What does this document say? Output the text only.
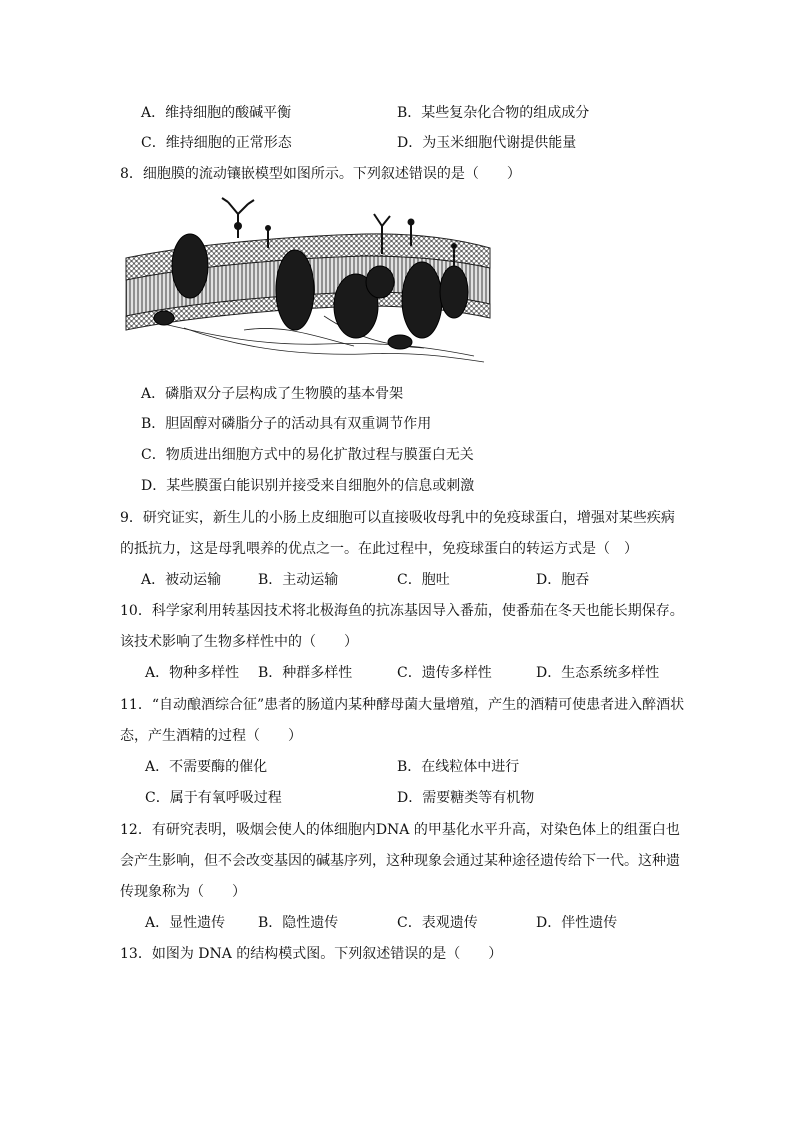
A．维持细胞的酸碱平衡	B．某些复杂化合物的组成成分
C．维持细胞的正常形态	D．为玉米细胞代谢提供能量
8．细胞膜的流动镶嵌模型如图所示。下列叙述错误的是（　　）
A．磷脂双分子层构成了生物膜的基本骨架
B．胆固醇对磷脂分子的活动具有双重调节作用
C．物质进出细胞方式中的易化扩散过程与膜蛋白无关
D．某些膜蛋白能识别并接受来自细胞外的信息或刺激
9．研究证实，新生儿的小肠上皮细胞可以直接吸收母乳中的免疫球蛋白，增强对某些疾病
的抵抗力，这是母乳喂养的优点之一。在此过程中，免疫球蛋白的转运方式是（　）
A．被动运输	B．主动运输	C．胞吐	D．胞吞
10．科学家利用转基因技术将北极海鱼的抗冻基因导入番茄，使番茄在冬天也能长期保存。
该技术影响了生物多样性中的（　　）
A．物种多样性 B．种群多样性	C．遗传多样性	D．生态系统多样性
11．“自动酿酒综合征”患者的肠道内某种酵母菌大量增殖，产生的酒精可使患者进入醉酒状
态，产生酒精的过程（　　）
A．不需要酶的催化	B．在线粒体中进行
C．属于有氧呼吸过程	D．需要糖类等有机物
12．有研究表明，吸烟会使人的体细胞内DNA 的甲基化水平升高，对染色体上的组蛋白也
会产生影响，但不会改变基因的碱基序列，这种现象会通过某种途径遗传给下一代。这种遗
传现象称为（　　）
A．显性遗传 B．隐性遗传	C．表观遗传	D．伴性遗传
13．如图为 DNA 的结构模式图。下列叙述错误的是（　　）
